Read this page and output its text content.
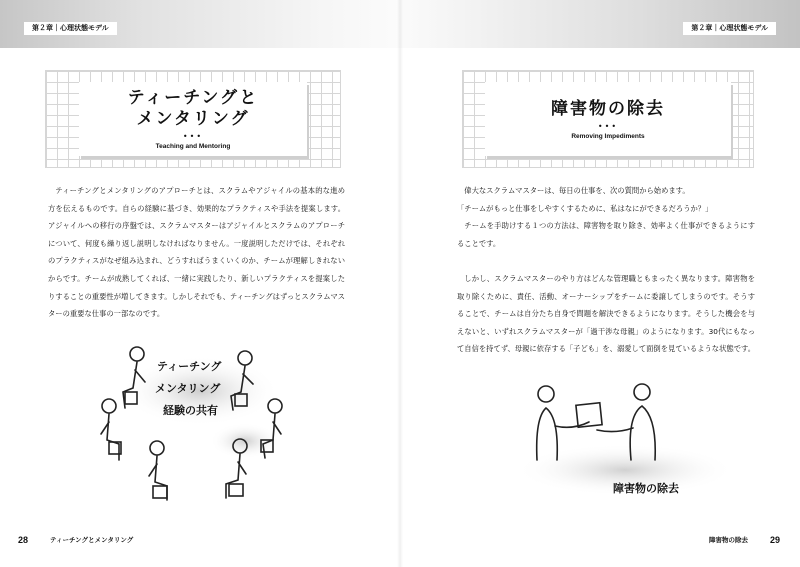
第２章｜心理状態モデル
ティーチングと
メンタリング
•••
Teaching and Mentoring

ティーチングとメンタリングのアプローチとは、スクラムやアジャイルの基本的な進め方を伝えるものです。自らの経験に基づき、効果的なプラクティスや手法を提案します。アジャイルへの移行の序盤では、スクラムマスターはアジャイルとスクラムのアプローチについて、何度も繰り返し説明しなければなりません。一度説明しただけでは、それぞれのプラクティスがなぜ組み込まれ、どうすればうまくいくのか、チームが理解しきれないからです。チームが成熟してくれば、一緒に実践したり、新しいプラクティスを提案したりすることの重要性が増してきます。しかしそれでも、ティーチングはずっとスクラムマスターの重要な仕事の一部なのです。

ティーチング
メンタリング
経験の共有
28	ティーチングとメンタリング
第２章｜心理状態モデル
障害物の除去
•••
Removing Impediments

偉大なスクラムマスターは、毎日の仕事を、次の質問から始めます。

「チームがもっと仕事をしやすくするために、私はなにができるだろうか？」

チームを手助けする１つの方法は、障害物を取り除き、効率よく仕事ができるようにすることです。

しかし、スクラムマスターのやり方はどんな管理職ともまったく異なります。障害物を取り除くために、責任、活動、オーナーシップをチームに委譲してしまうのです。そうすることで、チームは自分たち自身で問題を解決できるようになります。そうした機会を与えないと、いずれスクラムマスターが「過干渉な母親」のようになります。30代にもなって自信を持てず、母親に依存する「子ども」を、溺愛して面倒を見ているような状態です。

障害物の除去
障害物の除去 29
